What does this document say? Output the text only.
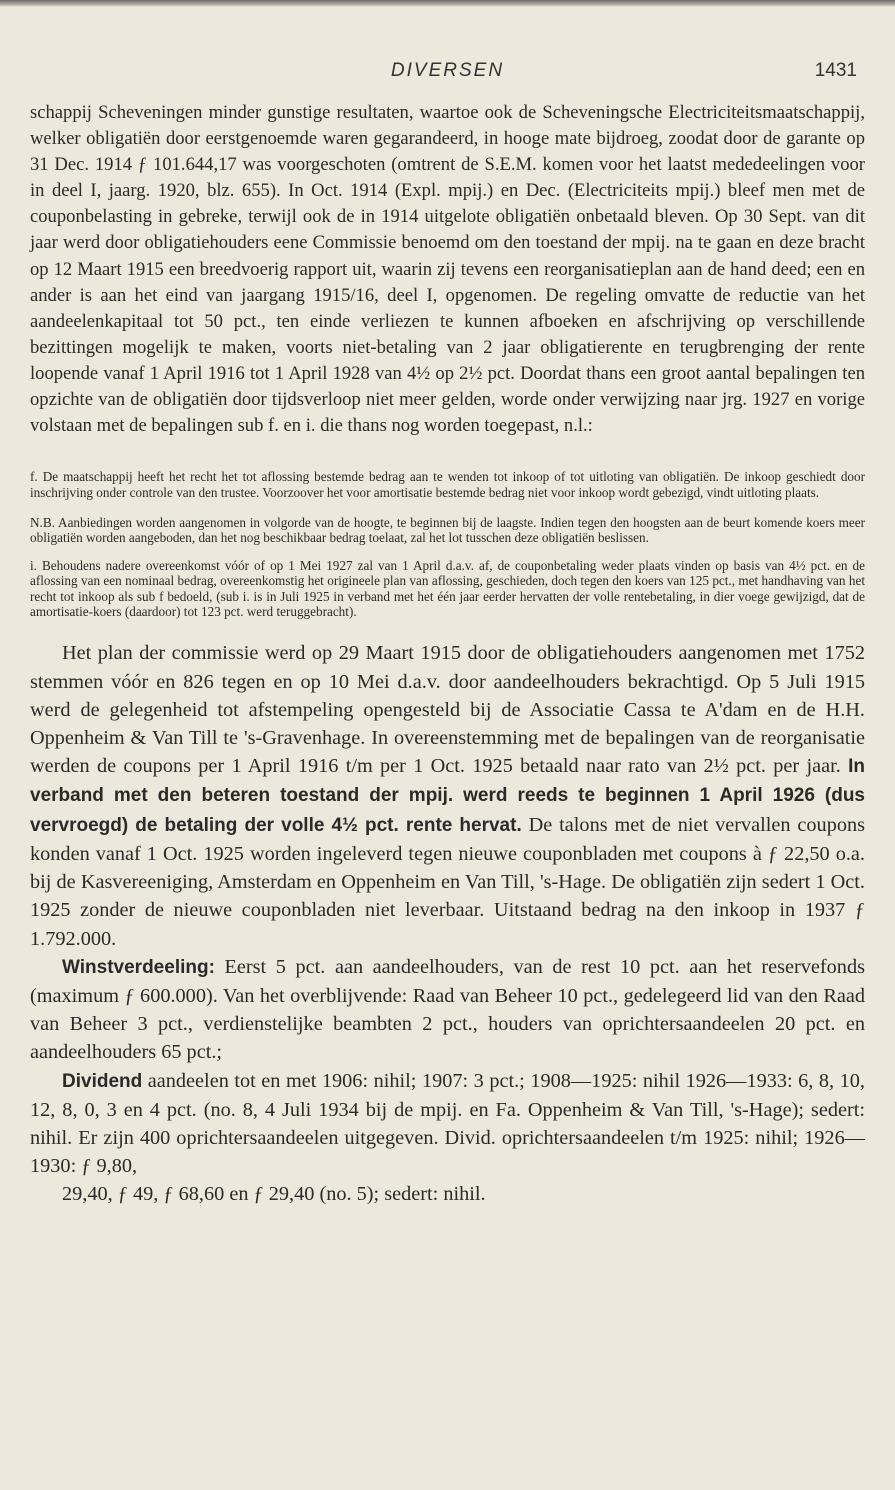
DIVERSEN	1431

schappij Scheveningen minder gunstige resultaten, waartoe ook de Scheveningsche Electriciteitsmaatschappij, welker obligatiën door eerstgenoemde waren gegarandeerd, in hooge mate bijdroeg, zoodat door de garante op 31 Dec. 1914 ƒ 101.644,17 was voorgeschoten (omtrent de S.E.M. komen voor het laatst mededeelingen voor in deel I, jaarg. 1920, blz. 655). In Oct. 1914 (Expl. mpij.) en Dec. (Electriciteits mpij.) bleef men met de couponbelasting in gebreke, terwijl ook de in 1914 uitgelote obligatiën onbetaald bleven. Op 30 Sept. van dit jaar werd door obligatiehouders eene Commissie benoemd om den toestand der mpij. na te gaan en deze bracht op 12 Maart 1915 een breedvoerig rapport uit, waarin zij tevens een reorganisatieplan aan de hand deed; een en ander is aan het eind van jaargang 1915/16, deel I, opgenomen. De regeling omvatte de reductie van het aandeelenkapitaal tot 50 pct., ten einde verliezen te kunnen afboeken en afschrijving op verschillende bezittingen mogelijk te maken, voorts niet-betaling van 2 jaar obligatierente en terugbrenging der rente loopende vanaf 1 April 1916 tot 1 April 1928 van 4½ op 2½ pct. Doordat thans een groot aantal bepalingen ten opzichte van de obligatiën door tijdsverloop niet meer gelden, worde onder verwijzing naar jrg. 1927 en vorige volstaan met de bepalingen sub f. en i. die thans nog worden toegepast, n.l.:

f. De maatschappij heeft het recht het tot aflossing bestemde bedrag aan te wenden tot inkoop of tot uitloting van obligatiën. De inkoop geschiedt door inschrijving onder controle van den trustee. Voorzoover het voor amortisatie bestemde bedrag niet voor inkoop wordt gebezigd, vindt uitloting plaats.

N.B. Aanbiedingen worden aangenomen in volgorde van de hoogte, te beginnen bij de laagste. Indien tegen den hoogsten aan de beurt komende koers meer obligatiën worden aangeboden, dan het nog beschikbaar bedrag toelaat, zal het lot tusschen deze obligatiën beslissen.

i. Behoudens nadere overeenkomst vóór of op 1 Mei 1927 zal van 1 April d.a.v. af, de couponbetaling weder plaats vinden op basis van 4½ pct. en de aflossing van een nominaal bedrag, overeenkomstig het origineele plan van aflossing, geschieden, doch tegen den koers van 125 pct., met handhaving van het recht tot inkoop als sub f bedoeld, (sub i. is in Juli 1925 in verband met het één jaar eerder hervatten der volle rentebetaling, in dier voege gewijzigd, dat de amortisatie-koers (daardoor) tot 123 pct. werd teruggebracht).

Het plan der commissie werd op 29 Maart 1915 door de obligatiehouders aangenomen met 1752 stemmen vóór en 826 tegen en op 10 Mei d.a.v. door aandeelhouders bekrachtigd. Op 5 Juli 1915 werd de gelegenheid tot afstempeling opengesteld bij de Associatie Cassa te A'dam en de H.H. Oppenheim & Van Till te 's-Gravenhage. In overeenstemming met de bepalingen van de reorganisatie werden de coupons per 1 April 1916 t/m per 1 Oct. 1925 betaald naar rato van 2½ pct. per jaar. In verband met den beteren toestand der mpij. werd reeds te beginnen 1 April 1926 (dus vervroegd) de betaling der volle 4½ pct. rente hervat. De talons met de niet vervallen coupons konden vanaf 1 Oct. 1925 worden ingeleverd tegen nieuwe couponbladen met coupons à ƒ 22,50 o.a. bij de Kasvereeniging, Amsterdam en Oppenheim en Van Till, 's-Hage. De obligatiën zijn sedert 1 Oct. 1925 zonder de nieuwe couponbladen niet leverbaar. Uitstaand bedrag na den inkoop in 1937 ƒ 1.792.000.

Winstverdeeling: Eerst 5 pct. aan aandeelhouders, van de rest 10 pct. aan het reservefonds (maximum ƒ 600.000). Van het overblijvende: Raad van Beheer 10 pct., gedelegeerd lid van den Raad van Beheer 3 pct., verdienstelijke beambten 2 pct., houders van oprichtersaandeelen 20 pct. en aandeelhouders 65 pct.;

Dividend aandeelen tot en met 1906: nihil; 1907: 3 pct.; 1908—1925: nihil 1926—1933: 6, 8, 10, 12, 8, 0, 3 en 4 pct. (no. 8, 4 Juli 1934 bij de mpij. en Fa. Oppenheim & Van Till, 's-Hage); sedert: nihil. Er zijn 400 oprichtersaandeelen uitgegeven. Divid. oprichtersaandeelen t/m 1925: nihil; 1926—1930: ƒ 9,80,

29,40, ƒ 49, ƒ 68,60 en ƒ 29,40 (no. 5); sedert: nihil.
